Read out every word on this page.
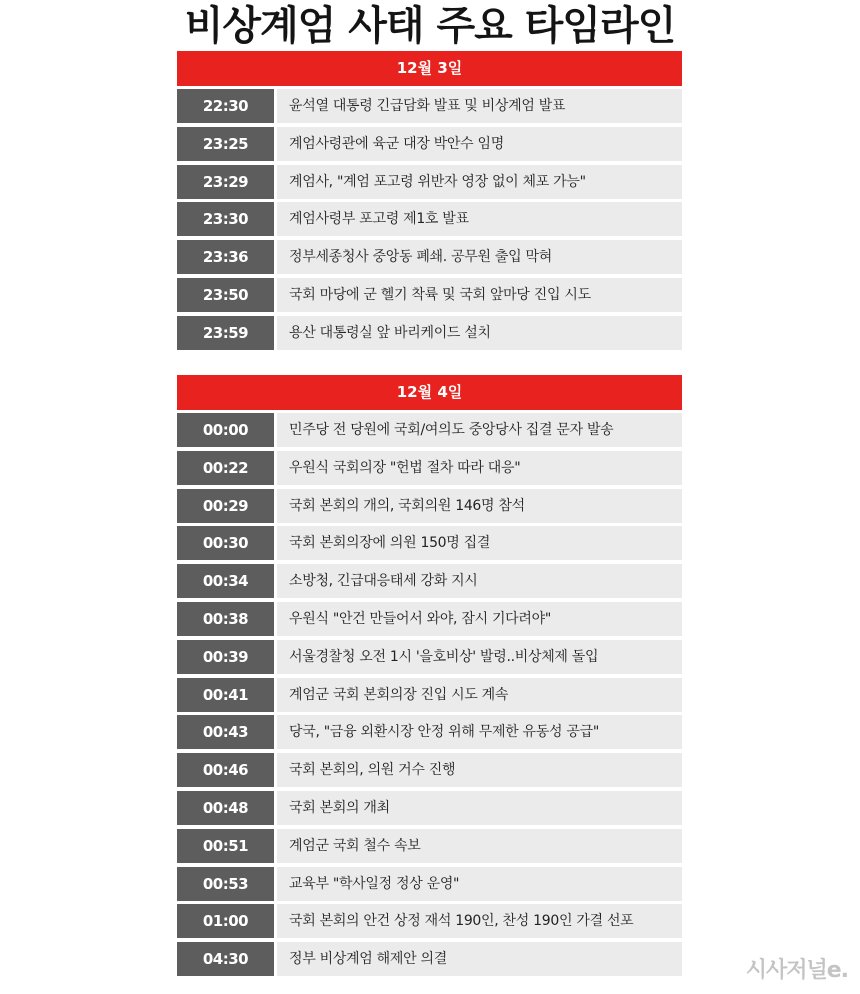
비상계엄 사태 주요 타임라인
12월 3일
22:30	윤석열 대통령 긴급담화 발표 및 비상계엄 발표
23:25	계엄사령관에 육군 대장 박안수 임명
23:29	계엄사, "계엄 포고령 위반자 영장 없이 체포 가능"
23:30	계엄사령부 포고령 제1호 발표
23:36	정부세종청사 중앙동 폐쇄. 공무원 출입 막혀
23:50	국회 마당에 군 헬기 착륙 및 국회 앞마당 진입 시도
23:59	용산 대통령실 앞 바리케이드 설치
12월 4일
00:00	민주당 전 당원에 국회/여의도 중앙당사 집결 문자 발송
00:22	우원식 국회의장 "헌법 절차 따라 대응"
00:29	국회 본회의 개의, 국회의원 146명 참석
00:30	국회 본회의장에 의원 150명 집결
00:34	소방청, 긴급대응태세 강화 지시
00:38	우원식 "안건 만들어서 와야, 잠시 기다려야"
00:39	서울경찰청 오전 1시 '을호비상' 발령..비상체제 돌입
00:41	계엄군 국회 본회의장 진입 시도 계속
00:43	당국, "금융 외환시장 안정 위해 무제한 유동성 공급"
00:46	국회 본회의, 의원 거수 진행
00:48	국회 본회의 개최
00:51	계엄군 국회 철수 속보
00:53	교육부 "학사일정 정상 운영"
01:00	국회 본회의 안건 상정 재석 190인, 찬성 190인 가결 선포
04:30	정부 비상계엄 해제안 의결	시사저널e.
